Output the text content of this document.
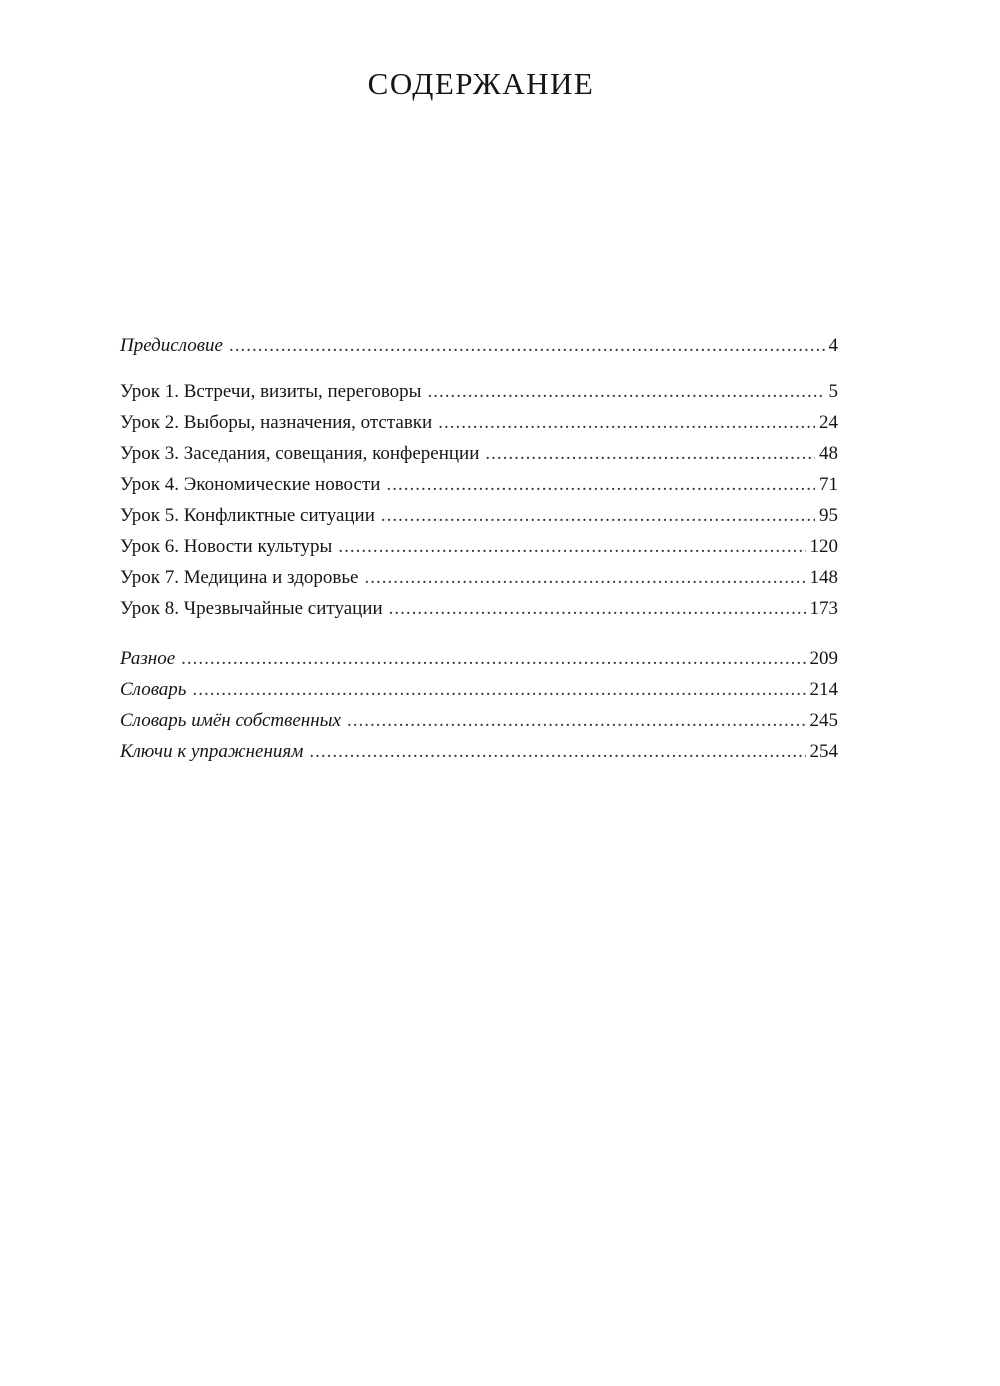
СОДЕРЖАНИЕ
Предисловие .....	4
Урок 1. Встречи, визиты, переговоры .....	5
Урок 2. Выборы, назначения, отставки .....	24
Урок 3. Заседания, совещания, конференции .....	48
Урок 4. Экономические новости .....	71
Урок 5. Конфликтные ситуации .....	95
Урок 6. Новости культуры .....	120
Урок 7. Медицина и здоровье .....	148
Урок 8. Чрезвычайные ситуации .....	173
Разное .....	209
Словарь .....	214
Словарь имён собственных .....	245
Ключи к упражнениям .....	254
